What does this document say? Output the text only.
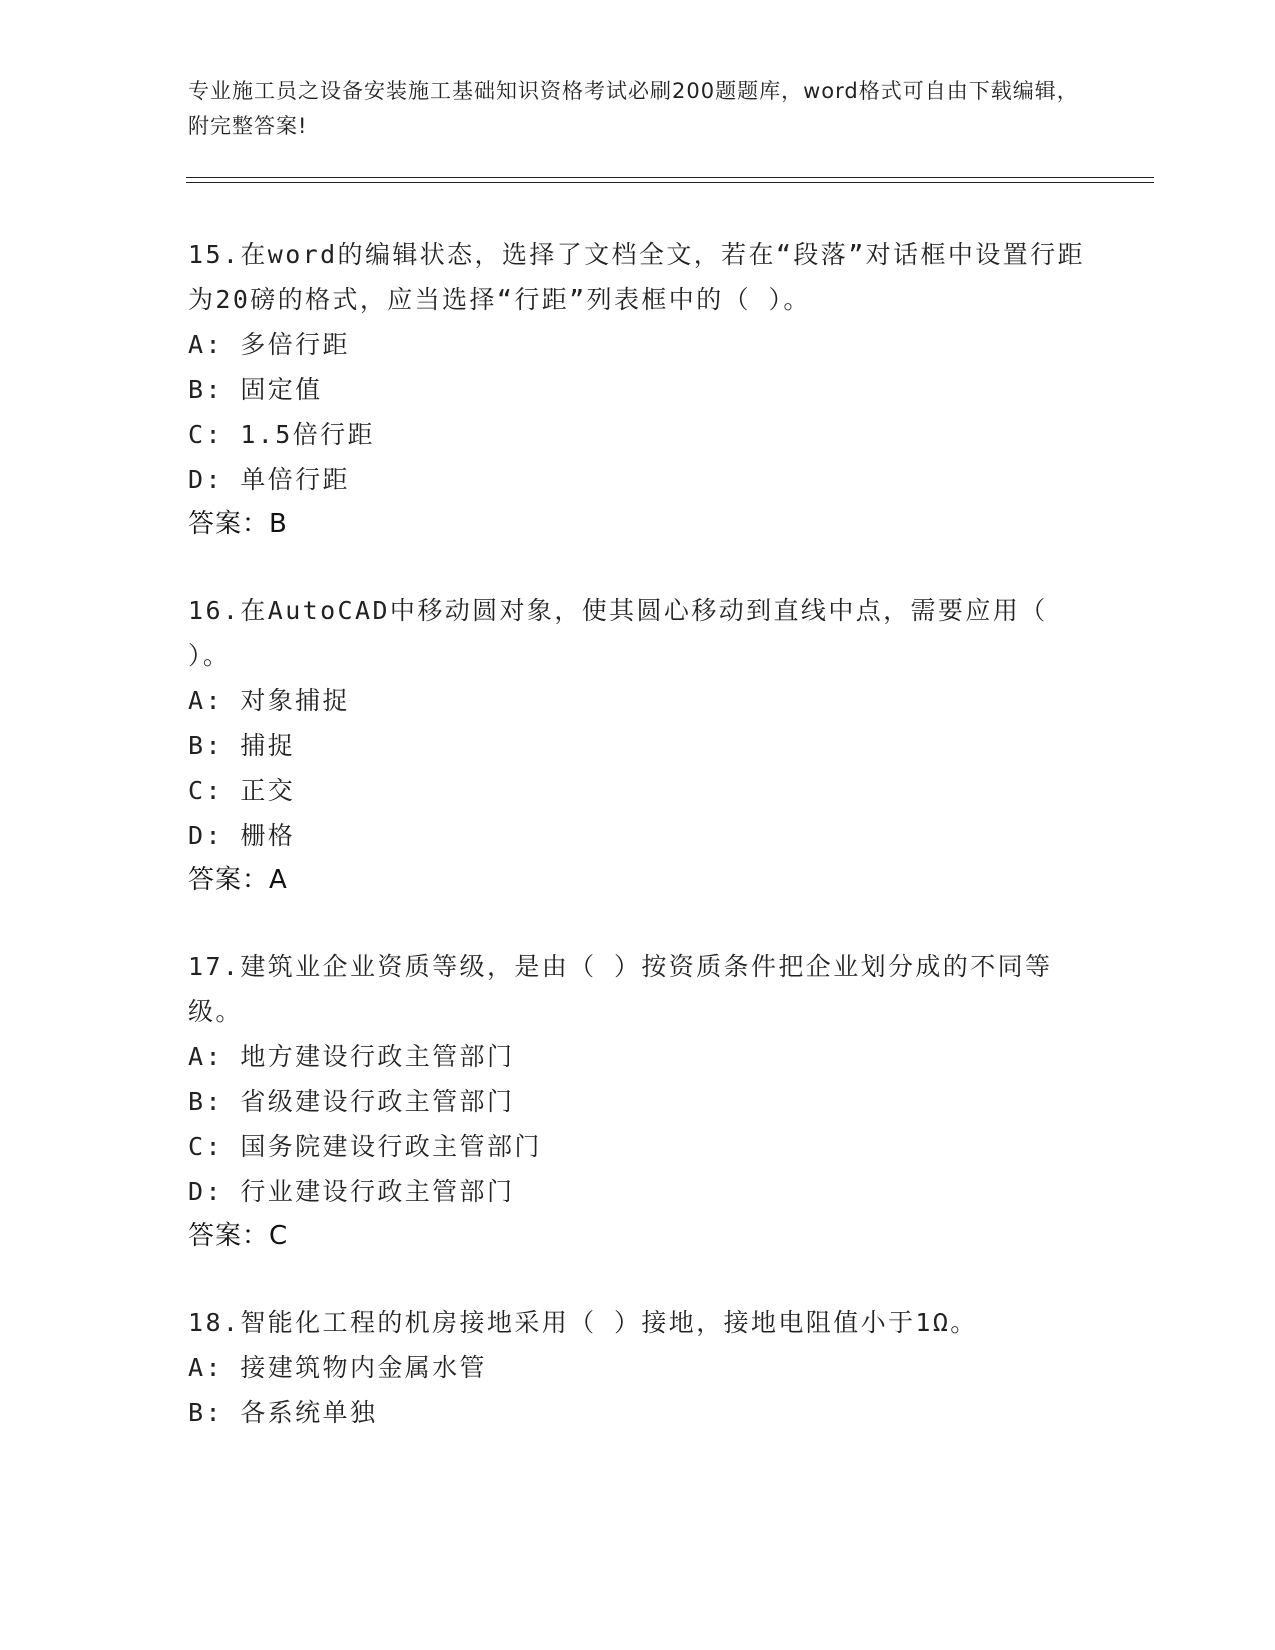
专业施工员之设备安装施工基础知识资格考试必刷200题题库，word格式可自由下载编辑，附完整答案!
15.在word的编辑状态，选择了文档全文，若在“段落”对话框中设置行距为20磅的格式，应当选择“行距”列表框中的（ ）。
A: 多倍行距
B: 固定值
C: 1.5倍行距
D: 单倍行距
答案：B
16.在AutoCAD中移动圆对象，使其圆心移动到直线中点，需要应用（ ）。
A: 对象捕捉
B: 捕捉
C: 正交
D: 栅格
答案：A
17.建筑业企业资质等级，是由（ ）按资质条件把企业划分成的不同等级。
A: 地方建设行政主管部门
B: 省级建设行政主管部门
C: 国务院建设行政主管部门
D: 行业建设行政主管部门
答案：C
18.智能化工程的机房接地采用（ ）接地，接地电阻值小于1Ω。
A: 接建筑物内金属水管
B: 各系统单独
